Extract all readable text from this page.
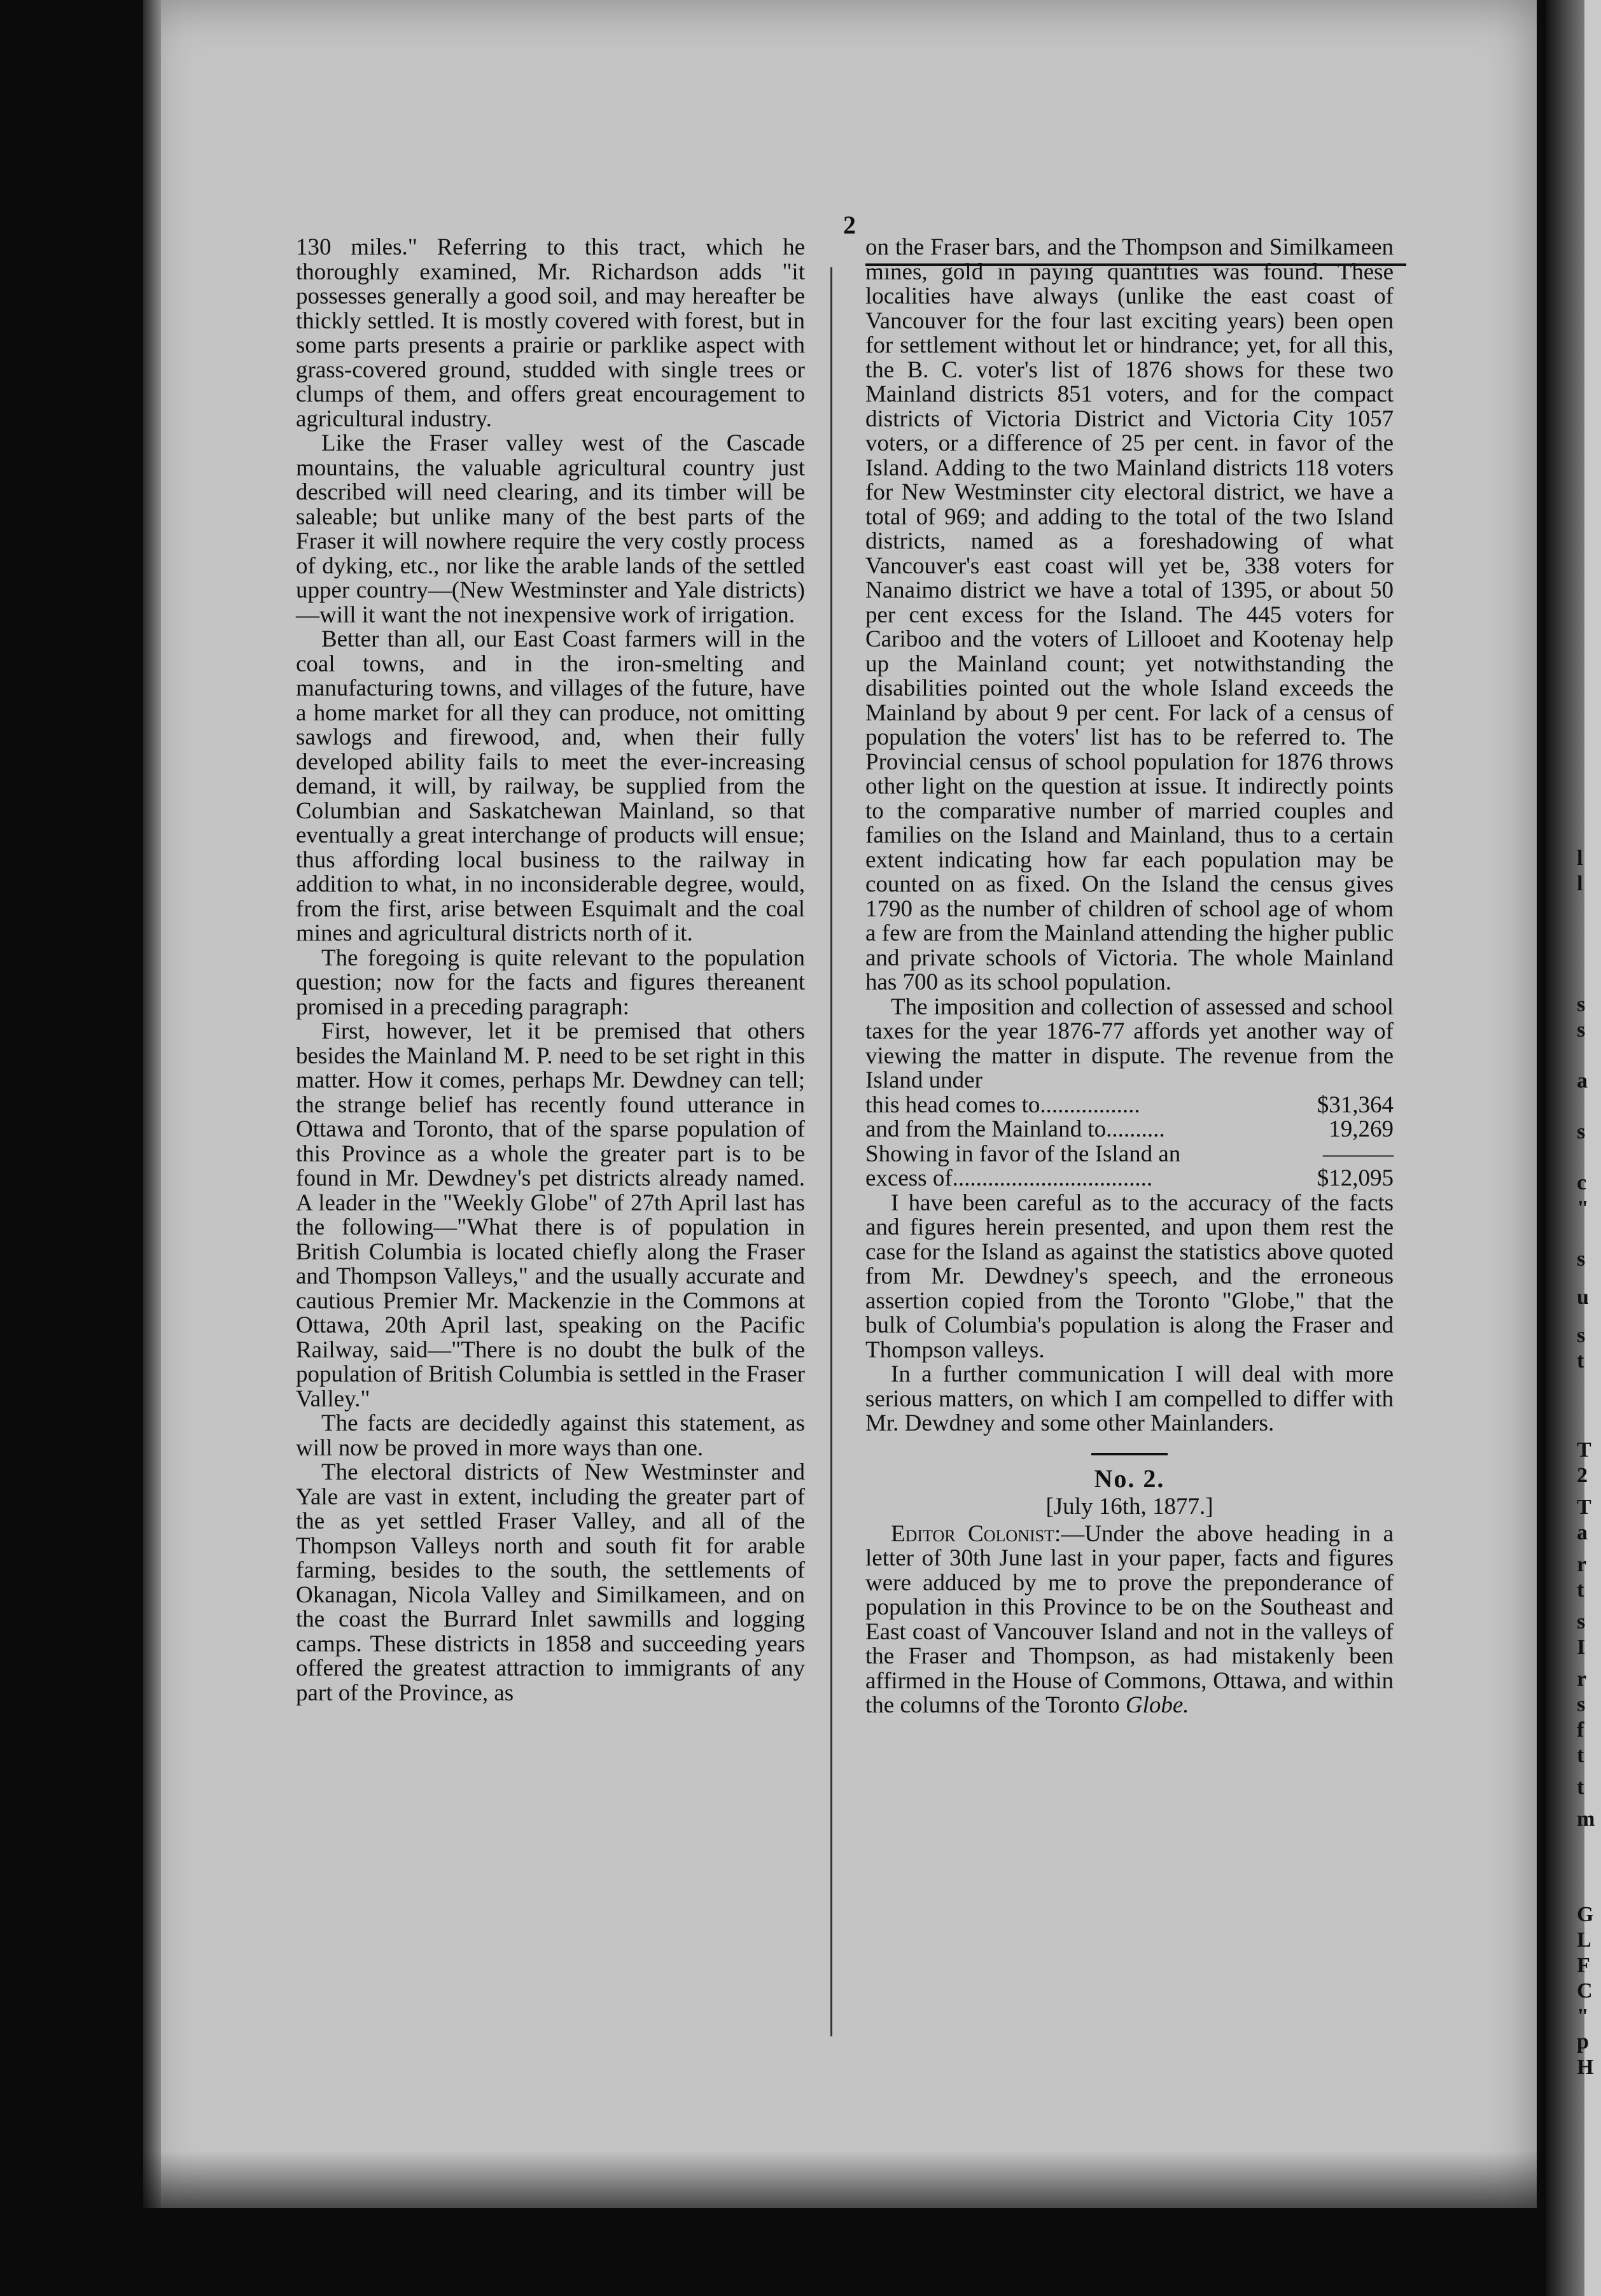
l
l
s
s
a
s
c
"
s
u
s
t
T
2
T
a
r
t
s
I
r
s
f
t
t
m
G
L
F
C
"
p
H
2

130 miles." Referring to this tract, which he thoroughly examined, Mr. Richardson adds "it possesses generally a good soil, and may hereafter be thickly settled. It is mostly covered with forest, but in some parts presents a prairie or parklike aspect with grass-covered ground, studded with single trees or clumps of them, and offers great encouragement to agricultural industry.

Like the Fraser valley west of the Cascade mountains, the valuable agricultural country just described will need clearing, and its timber will be saleable; but unlike many of the best parts of the Fraser it will nowhere require the very costly process of dyking, etc., nor like the arable lands of the settled upper country—(New Westminster and Yale districts)—will it want the not inexpensive work of irrigation.

Better than all, our East Coast farmers will in the coal towns, and in the iron-smelting and manufacturing towns, and villages of the future, have a home market for all they can produce, not omitting sawlogs and firewood, and, when their fully developed ability fails to meet the ever-increasing demand, it will, by railway, be supplied from the Columbian and Saskatchewan Mainland, so that eventually a great interchange of products will ensue; thus affording local business to the railway in addition to what, in no inconsiderable degree, would, from the first, arise between Esquimalt and the coal mines and agricultural districts north of it.

The foregoing is quite relevant to the population question; now for the facts and figures thereanent promised in a preceding paragraph:

First, however, let it be premised that others besides the Mainland M. P. need to be set right in this matter. How it comes, perhaps Mr. Dewdney can tell; the strange belief has recently found utterance in Ottawa and Toronto, that of the sparse population of this Province as a whole the greater part is to be found in Mr. Dewdney's pet districts already named. A leader in the "Weekly Globe" of 27th April last has the following—"What there is of population in British Columbia is located chiefly along the Fraser and Thompson Valleys," and the usually accurate and cautious Premier Mr. Mackenzie in the Commons at Ottawa, 20th April last, speaking on the Pacific Railway, said—"There is no doubt the bulk of the population of British Columbia is settled in the Fraser Valley."

The facts are decidedly against this statement, as will now be proved in more ways than one.

The electoral districts of New Westminster and Yale are vast in extent, including the greater part of the as yet settled Fraser Valley, and all of the Thompson Valleys north and south fit for arable farming, besides to the south, the settlements of Okanagan, Nicola Valley and Similkameen, and on the coast the Burrard Inlet sawmills and logging camps. These districts in 1858 and succeeding years offered the greatest attraction to immigrants of any part of the Province, as

on the Fraser bars, and the Thompson and Similkameen mines, gold in paying quantities was found. These localities have always (unlike the east coast of Vancouver for the four last exciting years) been open for settlement without let or hindrance; yet, for all this, the B. C. voter's list of 1876 shows for these two Mainland districts 851 voters, and for the compact districts of Victoria District and Victoria City 1057 voters, or a difference of 25 per cent. in favor of the Island. Adding to the two Mainland districts 118 voters for New Westminster city electoral district, we have a total of 969; and adding to the total of the two Island districts, named as a foreshadowing of what Vancouver's east coast will yet be, 338 voters for Nanaimo district we have a total of 1395, or about 50 per cent excess for the Island. The 445 voters for Cariboo and the voters of Lillooet and Kootenay help up the Mainland count; yet notwithstanding the disabilities pointed out the whole Island exceeds the Mainland by about 9 per cent. For lack of a census of population the voters' list has to be referred to. The Provincial census of school population for 1876 throws other light on the question at issue. It indirectly points to the comparative number of married couples and families on the Island and Mainland, thus to a certain extent indicating how far each population may be counted on as fixed. On the Island the census gives 1790 as the number of children of school age of whom a few are from the Mainland attending the higher public and private schools of Victoria. The whole Mainland has 700 as its school population.

The imposition and collection of assessed and school taxes for the year 1876-77 affords yet another way of viewing the matter in dispute. The revenue from the Island under

this head comes to.................	$31,364
and from the Mainland to..........	19,269
Showing in favor of the Island an	———
excess of..................................	$12,095

I have been careful as to the accuracy of the facts and figures herein presented, and upon them rest the case for the Island as against the statistics above quoted from Mr. Dewdney's speech, and the erroneous assertion copied from the Toronto "Globe," that the bulk of Columbia's population is along the Fraser and Thompson valleys.

In a further communication I will deal with more serious matters, on which I am compelled to differ with Mr. Dewdney and some other Mainlanders.

No. 2.
[July 16th, 1877.]

Editor Colonist:—Under the above heading in a letter of 30th June last in your paper, facts and figures were adduced by me to prove the preponderance of population in this Province to be on the Southeast and East coast of Vancouver Island and not in the valleys of the Fraser and Thompson, as had mistakenly been affirmed in the House of Commons, Ottawa, and within the columns of the Toronto Globe.
